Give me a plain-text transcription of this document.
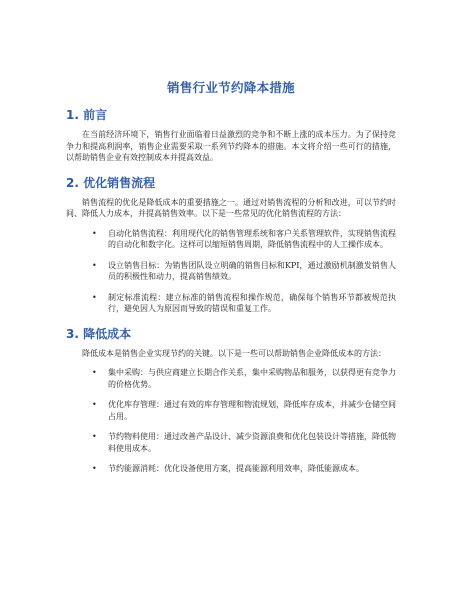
销售行业节约降本措施
1. 前言
在当前经济环境下，销售行业面临着日益激烈的竞争和不断上涨的成本压力。为了保持竞争力和提高利润率，销售企业需要采取一系列节约降本的措施。本文将介绍一些可行的措施，以帮助销售企业有效控制成本并提高效益。
2. 优化销售流程
销售流程的优化是降低成本的重要措施之一。通过对销售流程的分析和改进，可以节约时间、降低人力成本，并提高销售效率。以下是一些常见的优化销售流程的方法：
• 自动化销售流程：利用现代化的销售管理系统和客户关系管理软件，实现销售流程的自动化和数字化。这样可以缩短销售周期，降低销售流程中的人工操作成本。
• 设立销售目标：为销售团队设立明确的销售目标和KPI，通过激励机制激发销售人员的积极性和动力，提高销售绩效。
• 制定标准流程：建立标准的销售流程和操作规范，确保每个销售环节都被规范执行，避免因人为原因而导致的错误和重复工作。
3. 降低成本
降低成本是销售企业实现节约的关键。以下是一些可以帮助销售企业降低成本的方法：
• 集中采购：与供应商建立长期合作关系，集中采购物品和服务，以获得更有竞争力的价格优势。
• 优化库存管理：通过有效的库存管理和物流规划，降低库存成本，并减少仓储空间占用。
• 节约物料使用：通过改善产品设计、减少资源浪费和优化包装设计等措施，降低物料使用成本。
• 节约能源消耗：优化设备使用方案，提高能源利用效率，降低能源成本。
